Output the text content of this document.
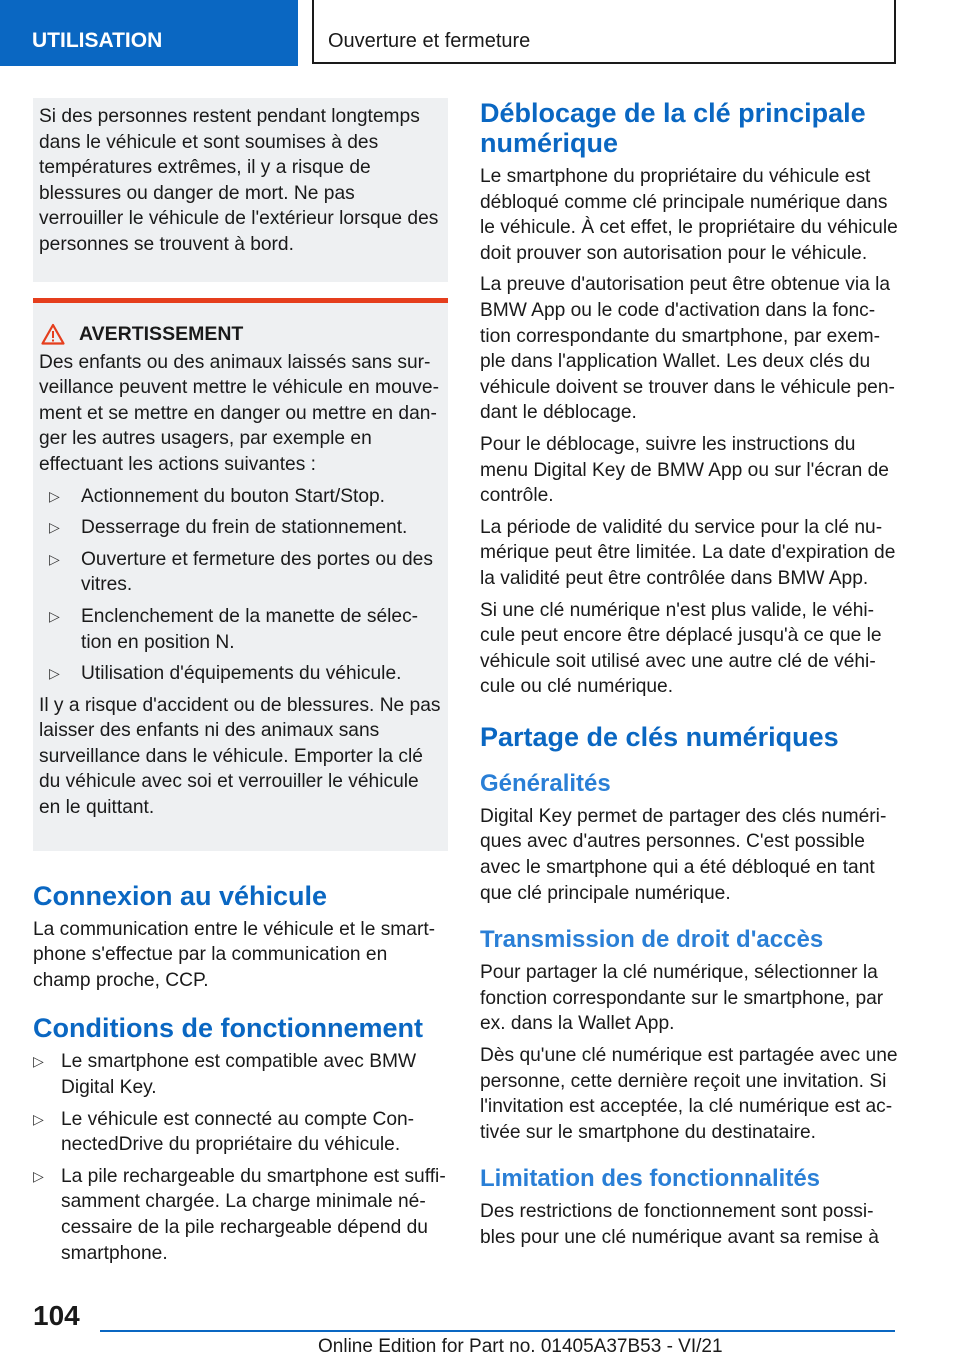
UTILISATION	Ouverture et fermeture

Si des personnes restent pendant longtemps dans le véhicule et sont soumises à des températures extrêmes, il y a risque de blessures ou danger de mort. Ne pas verrouiller le véhicule de l'extérieur lorsque des personnes se trouvent à bord.

AVERTISSEMENT

Des enfants ou des animaux laissés sans surveillance peuvent mettre le véhicule en mouvement et se mettre en danger ou mettre en danger les autres usagers, par exemple en effectuant les actions suivantes :

▷ Actionnement du bouton Start/Stop.
▷ Desserrage du frein de stationnement.
▷ Ouverture et fermeture des portes ou des vitres.
▷ Enclenchement de la manette de sélection en position N.
▷ Utilisation d'équipements du véhicule.

Il y a risque d'accident ou de blessures. Ne pas laisser des enfants ni des animaux sans surveillance dans le véhicule. Emporter la clé du véhicule avec soi et verrouiller le véhicule en le quittant.

Connexion au véhicule

La communication entre le véhicule et le smartphone s'effectue par la communication en champ proche, CCP.

Conditions de fonctionnement
▷ Le smartphone est compatible avec BMW Digital Key.
▷ Le véhicule est connecté au compte ConnectedDrive du propriétaire du véhicule.
▷ La pile rechargeable du smartphone est suffisamment chargée. La charge minimale nécessaire de la pile rechargeable dépend du smartphone.
Déblocage de la clé principale numérique

Le smartphone du propriétaire du véhicule est débloqué comme clé principale numérique dans le véhicule. À cet effet, le propriétaire du véhicule doit prouver son autorisation pour le véhicule.

La preuve d'autorisation peut être obtenue via la BMW App ou le code d'activation dans la fonction correspondante du smartphone, par exemple dans l'application Wallet. Les deux clés du véhicule doivent se trouver dans le véhicule pendant le déblocage.

Pour le déblocage, suivre les instructions du menu Digital Key de BMW App ou sur l'écran de contrôle.

La période de validité du service pour la clé numérique peut être limitée. La date d'expiration de la validité peut être contrôlée dans BMW App.

Si une clé numérique n'est plus valide, le véhicule peut encore être déplacé jusqu'à ce que le véhicule soit utilisé avec une autre clé de véhicule ou clé numérique.

Partage de clés numériques
Généralités

Digital Key permet de partager des clés numériques avec d'autres personnes. C'est possible avec le smartphone qui a été débloqué en tant que clé principale numérique.

Transmission de droit d'accès

Pour partager la clé numérique, sélectionner la fonction correspondante sur le smartphone, par ex. dans la Wallet App.

Dès qu'une clé numérique est partagée avec une personne, cette dernière reçoit une invitation. Si l'invitation est acceptée, la clé numérique est activée sur le smartphone du destinataire.

Limitation des fonctionnalités

Des restrictions de fonctionnement sont possibles pour une clé numérique avant sa remise à

104
Online Edition for Part no. 01405A37B53 - VI/21
